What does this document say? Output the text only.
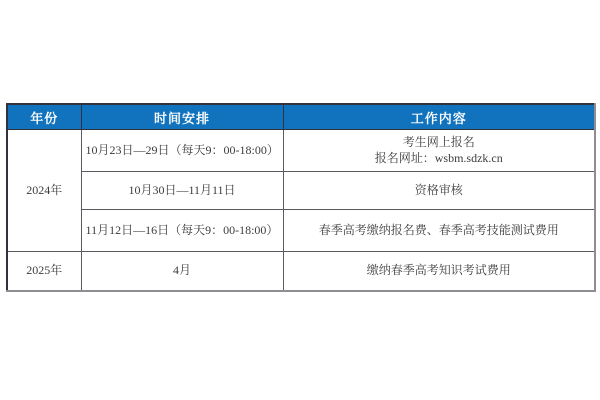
年份	时间安排	工作内容
2024年	10月23日—29日（每天9：00-18:00）	考生网上报名
报名网址：wsbm.sdzk.cn

	10月30日—11月11日	资格审核

	11月12日—16日（每天9：00-18:00）	春季高考缴纳报名费、春季高考技能测试费用

2025年	4月	缴纳春季高考知识考试费用
